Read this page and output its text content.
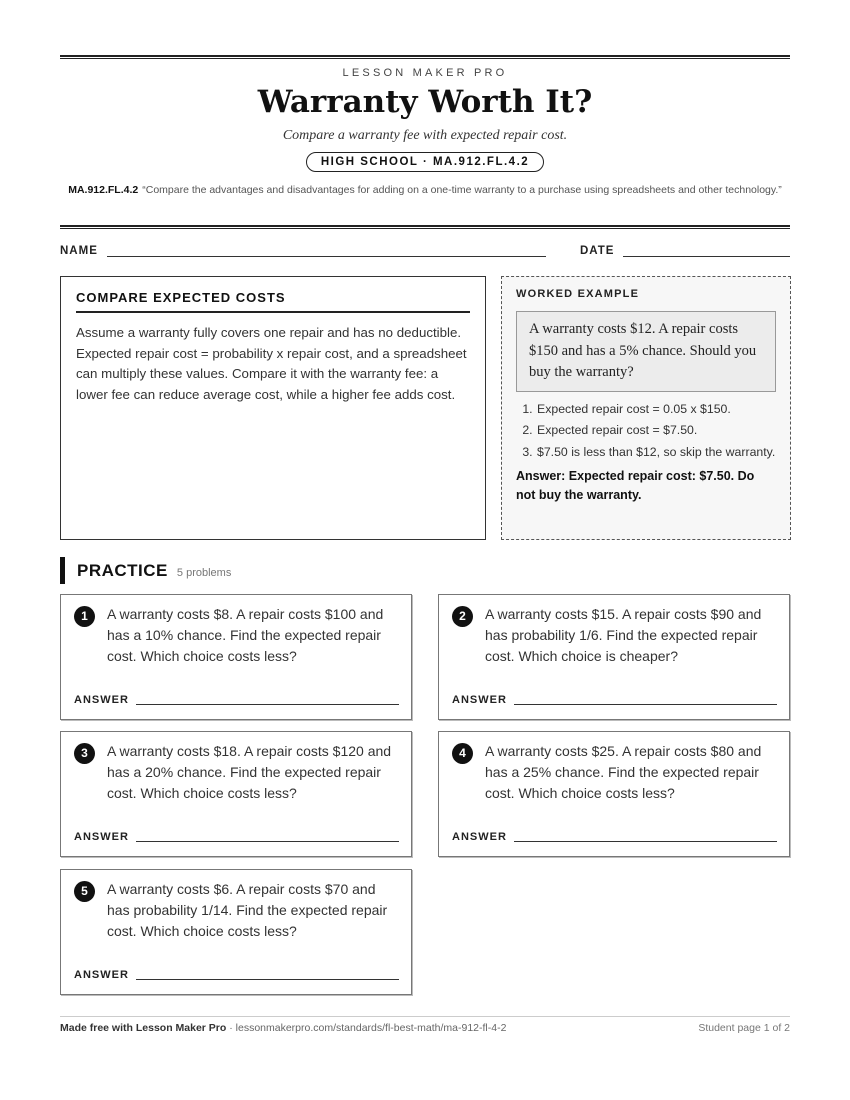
LESSON MAKER PRO
Warranty Worth It?
Compare a warranty fee with expected repair cost.
HIGH SCHOOL · MA.912.FL.4.2
MA.912.FL.4.2 “Compare the advantages and disadvantages for adding on a one-time warranty to a purchase using spreadsheets and other technology.”
NAME	DATE
COMPARE EXPECTED COSTS

Assume a warranty fully covers one repair and has no deductible. Expected repair cost = probability x repair cost, and a spreadsheet can multiply these values. Compare it with the warranty fee: a lower fee can reduce average cost, while a higher fee adds cost.

WORKED EXAMPLE
A warranty costs $12. A repair costs $150 and has a 5% chance. Should you buy the warranty?
1. Expected repair cost = 0.05 x $150.
2. Expected repair cost = $7.50.
3. $7.50 is less than $12, so skip the warranty.
Answer: Expected repair cost: $7.50. Do not buy the warranty.
PRACTICE 5 problems
1	A warranty costs $8. A repair costs $100 and has a 10% chance. Find the expected repair cost. Which choice costs less?
ANSWER
2	A warranty costs $15. A repair costs $90 and has probability 1/6. Find the expected repair cost. Which choice is cheaper?
ANSWER
3	A warranty costs $18. A repair costs $120 and has a 20% chance. Find the expected repair cost. Which choice costs less?
ANSWER
4	A warranty costs $25. A repair costs $80 and has a 25% chance. Find the expected repair cost. Which choice costs less?
ANSWER
5	A warranty costs $6. A repair costs $70 and has probability 1/14. Find the expected repair cost. Which choice costs less?
ANSWER
Made free with Lesson Maker Pro · lessonmakerpro.com/standards/fl-best-math/ma-912-fl-4-2	Student page 1 of 2
